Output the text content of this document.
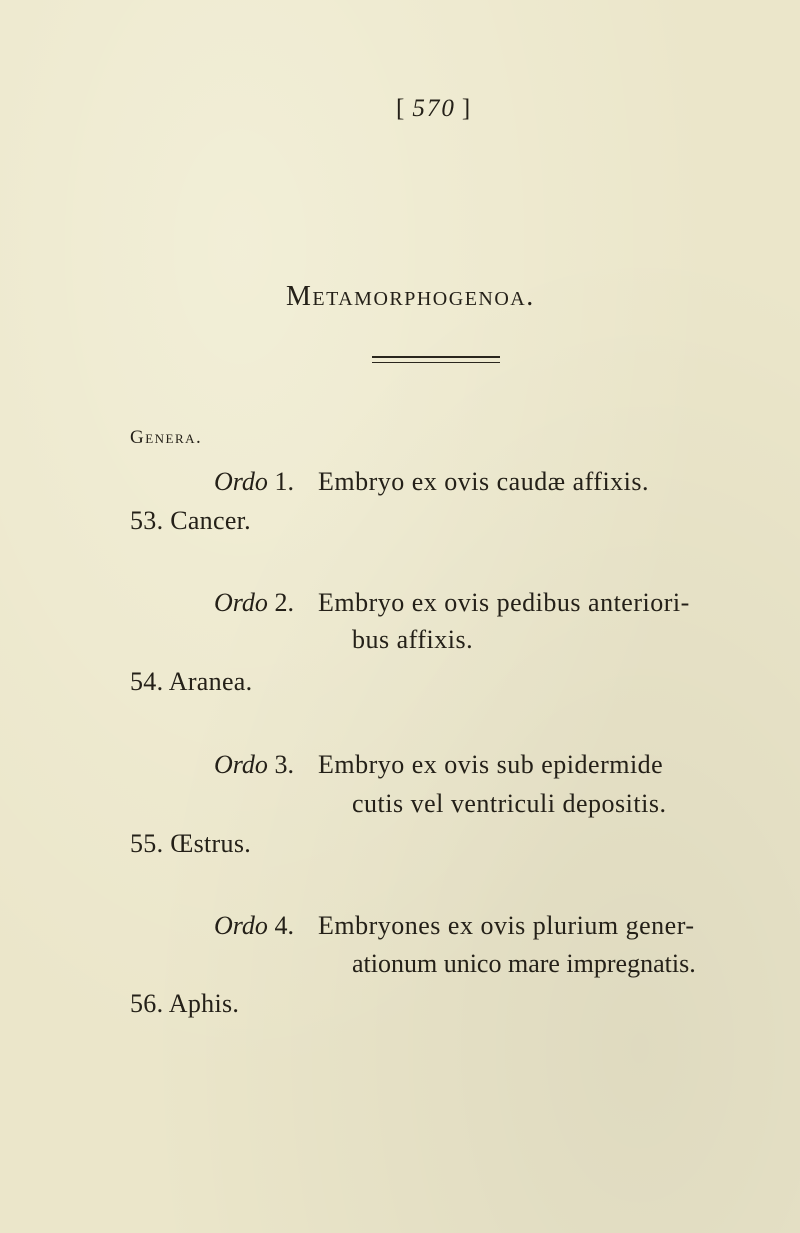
[ 570 ]
Metamorphogenoa.
Genera.
Ordo 1. Embryo ex ovis caudæ affixis.
53. Cancer.
Ordo 2. Embryo ex ovis pedibus anteriori-
bus affixis.
54. Aranea.
Ordo 3. Embryo ex ovis sub epidermide
cutis vel ventriculi depositis.
55. Œstrus.
Ordo 4. Embryones ex ovis plurium gener-
ationum unico mare impregnatis.
56. Aphis.
